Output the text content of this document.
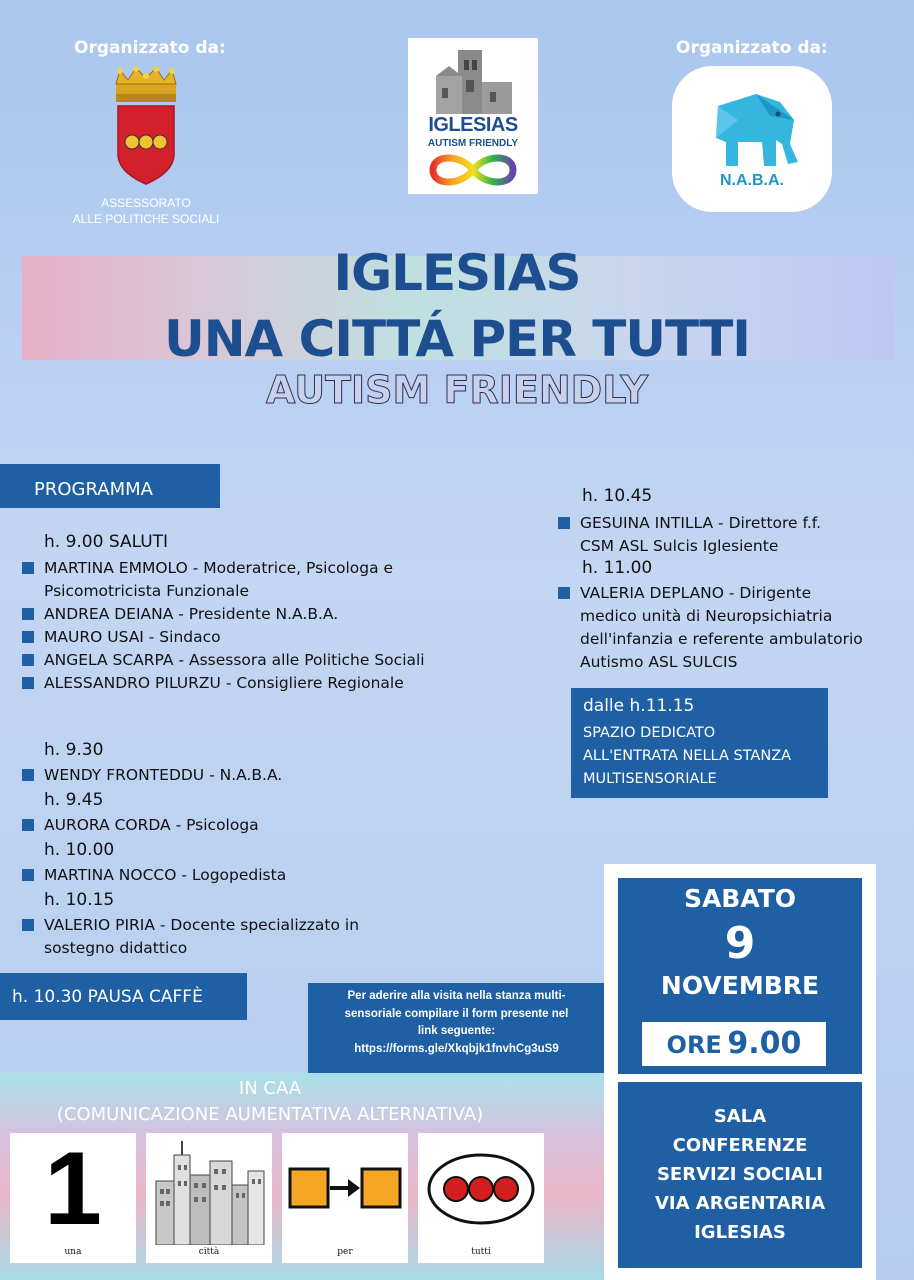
Organizzato da:	Organizzato da:
ASSESSORATO
ALLE POLITICHE SOCIALI
IGLESIAS
AUTISM FRIENDLY
N.A.B.A.
IGLESIAS
UNA CITTÁ PER TUTTI
AUTISM FRIENDLY
PROGRAMMA
h. 9.00 SALUTI
MARTINA EMMOLO - Moderatrice, Psicologa e
Psicomotricista Funzionale
ANDREA DEIANA - Presidente N.A.B.A.
MAURO USAI - Sindaco
ANGELA SCARPA - Assessora alle Politiche Sociali
ALESSANDRO PILURZU - Consigliere Regionale
h. 9.30
WENDY FRONTEDDU - N.A.B.A.
h. 9.45
AURORA CORDA - Psicologa
h. 10.00
MARTINA NOCCO - Logopedista
h. 10.15
VALERIO PIRIA - Docente specializzato in
sostegno didattico
h. 10.45
GESUINA INTILLA - Direttore f.f.
CSM ASL Sulcis Iglesiente
h. 11.00
VALERIA DEPLANO - Dirigente
medico unità di Neuropsichiatria
dell'infanzia e referente ambulatorio
Autismo ASL SULCIS
dalle h.11.15
SPAZIO DEDICATO
ALL'ENTRATA NELLA STANZA
MULTISENSORIALE
h. 10.30 PAUSA CAFFÈ	Per aderire alla visita nella stanza multi-
sensoriale compilare il form presente nel
link seguente:
https://forms.gle/Xkqbjk1fnvhCg3uS9
SABATO
9
NOVEMBRE
ORE 9.00
SALA
CONFERENZE
SERVIZI SOCIALI
VIA ARGENTARIA
IGLESIAS
IN CAA
(COMUNICAZIONE AUMENTATIVA ALTERNATIVA)
1
una	città	per	tutti
